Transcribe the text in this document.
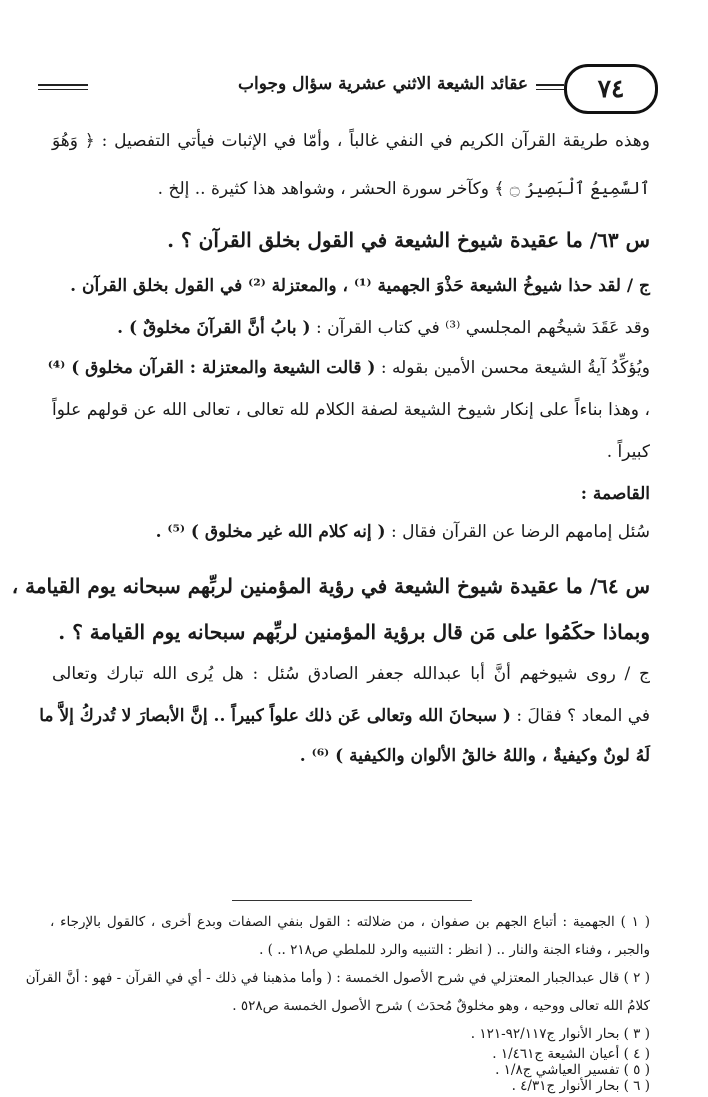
٧٤
عقائد الشيعة الاثني عشرية سؤال وجواب
وهذه طريقة القرآن الكريم في النفي غالباً ، وأمّا في الإثبات فيأتي التفصيل : ﴿ وَهُوَ
ٱلسَّمِيعُ ٱلْبَصِيرُ ۝ ﴾ وكآخر سورة الحشر ، وشواهد هذا كثيرة .. إلخ .
س ٦٣/ ما عقيدة شيوخ الشيعة في القول بخلق القرآن ؟ .
ج / لقد حذا شيوخُ الشيعة حَذْوَ الجهمية ⁽¹⁾ ، والمعتزلة ⁽²⁾ في القول بخلق القرآن .
وقد عَقَدَ شيخُهم المجلسي ⁽³⁾ في كتاب القرآن : ( بابُ أنَّ القرآنَ مخلوقٌ ) .
ويُؤكِّدُ آيةُ الشيعة محسن الأمين بقوله : ( قالت الشيعة والمعتزلة : القرآن مخلوق ) ⁽⁴⁾
، وهذا بناءاً على إنكار شيوخ الشيعة لصفة الكلام لله تعالى ، تعالى الله عن قولهم علواً
كبيراً .
القاصمة :
سُئل إمامهم الرضا عن القرآن فقال : ( إنه كلام الله غير مخلوق ) ⁽⁵⁾ .
س ٦٤/ ما عقيدة شيوخ الشيعة في رؤية المؤمنين لربِّهم سبحانه يوم القيامة ،
وبماذا حكَمُوا على مَن قال برؤية المؤمنين لربِّهم سبحانه يوم القيامة ؟ .
ج / روى شيوخهم أنَّ أبا عبدالله جعفر الصادق سُئل : هل يُرى الله تبارك وتعالى
في المعاد ؟ فقالَ : ( سبحانَ الله وتعالى عَن ذلك علواً كبيراً .. إنَّ الأبصارَ لا تُدركُ إلاَّ ما
لَهُ لونٌ وكيفيةٌ ، واللهُ خالقُ الألوان والكيفية ) ⁽⁶⁾ .
( ١ ) الجهمية : أتباع الجهم بن صفوان ، من ضلالته : القول بنفي الصفات وبدع أخرى ، كالقول بالإرجاء ،
والجبر ، وفناء الجنة والنار .. ( انظر : التنبيه والرد للملطي ص٢١٨ .. ) .
( ٢ ) قال عبدالجبار المعتزلي في شرح الأصول الخمسة : ( وأما مذهبنا في ذلك - أي في القرآن - فهو : أنَّ القرآن
كلامُ الله تعالى ووحيه ، وهو مخلوقٌ مُحدَث ) شرح الأصول الخمسة ص٥٢٨ .
( ٣ ) بحار الأنوار ج٩٢/١١٧-١٢١ .
( ٤ ) أعيان الشيعة ج١/٤٦١ .
( ٥ ) تفسير العياشي ج١/٨ .
( ٦ ) بحار الأنوار ج٤/٣١ .
